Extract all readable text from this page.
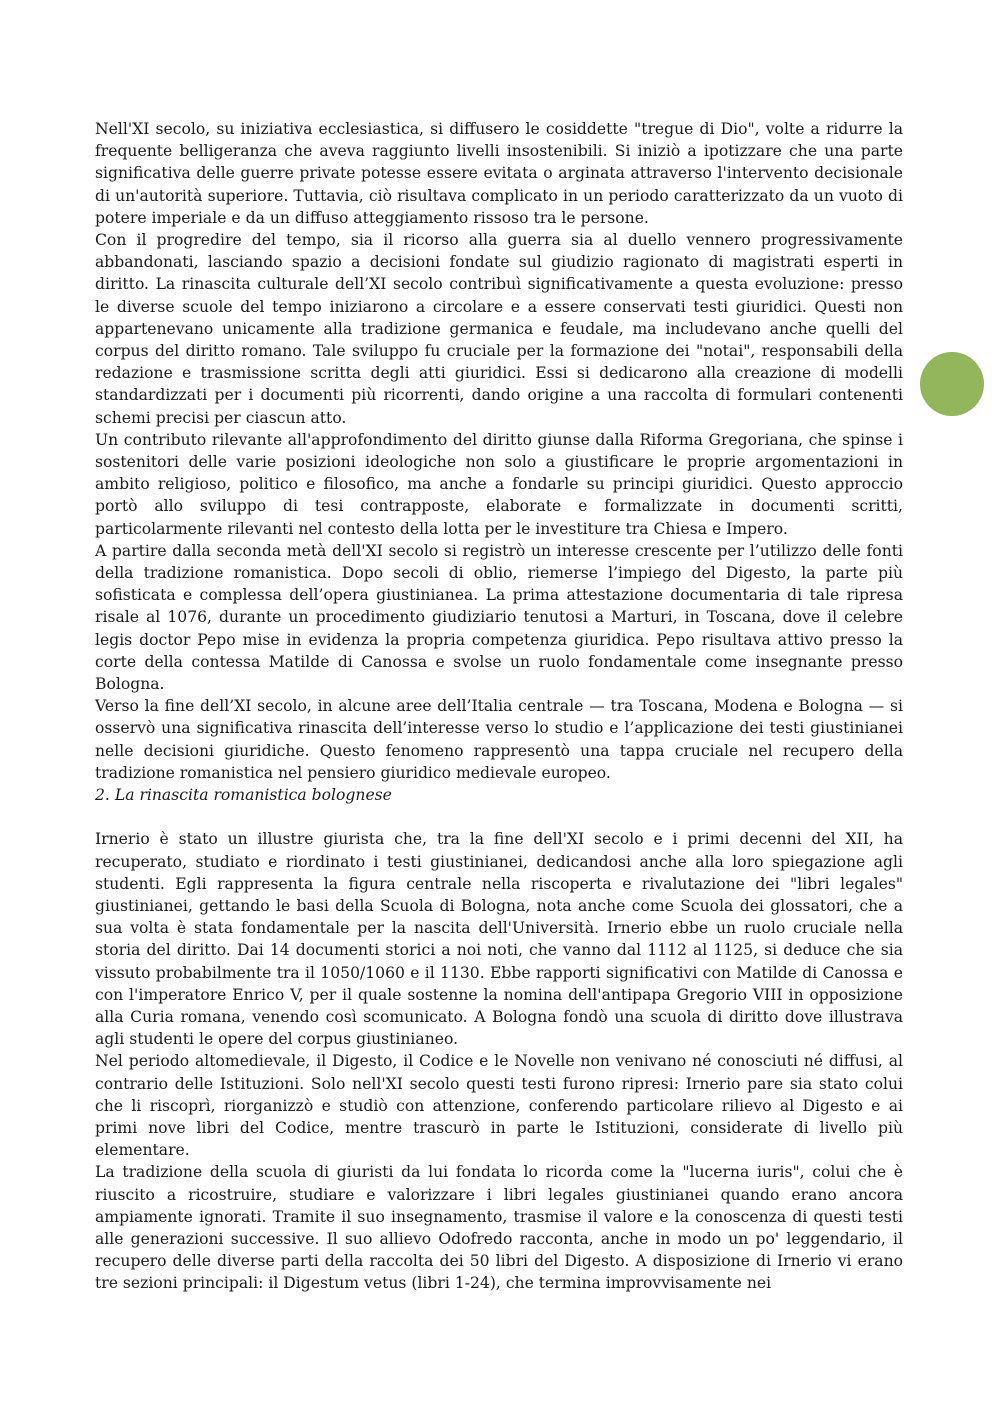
Nell'XI secolo, su iniziativa ecclesiastica, si diffusero le cosiddette "tregue di Dio", volte a ridurre la frequente belligeranza che aveva raggiunto livelli insostenibili. Si iniziò a ipotizzare che una parte significativa delle guerre private potesse essere evitata o arginata attraverso l'intervento decisionale di un'autorità superiore. Tuttavia, ciò risultava complicato in un periodo caratterizzato da un vuoto di potere imperiale e da un diffuso atteggiamento rissoso tra le persone.

Con il progredire del tempo, sia il ricorso alla guerra sia al duello vennero progressivamente abbandonati, lasciando spazio a decisioni fondate sul giudizio ragionato di magistrati esperti in diritto. La rinascita culturale dell’XI secolo contribuì significativamente a questa evoluzione: presso le diverse scuole del tempo iniziarono a circolare e a essere conservati testi giuridici. Questi non appartenevano unicamente alla tradizione germanica e feudale, ma includevano anche quelli del corpus del diritto romano. Tale sviluppo fu cruciale per la formazione dei "notai", responsabili della redazione e trasmissione scritta degli atti giuridici. Essi si dedicarono alla creazione di modelli standardizzati per i documenti più ricorrenti, dando origine a una raccolta di formulari contenenti schemi precisi per ciascun atto.

Un contributo rilevante all'approfondimento del diritto giunse dalla Riforma Gregoriana, che spinse i sostenitori delle varie posizioni ideologiche non solo a giustificare le proprie argomentazioni in ambito religioso, politico e filosofico, ma anche a fondarle su principi giuridici. Questo approccio portò allo sviluppo di tesi contrapposte, elaborate e formalizzate in documenti scritti, particolarmente rilevanti nel contesto della lotta per le investiture tra Chiesa e Impero.

A partire dalla seconda metà dell'XI secolo si registrò un interesse crescente per l’utilizzo delle fonti della tradizione romanistica. Dopo secoli di oblio, riemerse l’impiego del Digesto, la parte più sofisticata e complessa dell’opera giustinianea. La prima attestazione documentaria di tale ripresa risale al 1076, durante un procedimento giudiziario tenutosi a Marturi, in Toscana, dove il celebre legis doctor Pepo mise in evidenza la propria competenza giuridica. Pepo risultava attivo presso la corte della contessa Matilde di Canossa e svolse un ruolo fondamentale come insegnante presso Bologna.

Verso la fine dell’XI secolo, in alcune aree dell’Italia centrale — tra Toscana, Modena e Bologna — si osservò una significativa rinascita dell’interesse verso lo studio e l’applicazione dei testi giustinianei nelle decisioni giuridiche. Questo fenomeno rappresentò una tappa cruciale nel recupero della tradizione romanistica nel pensiero giuridico medievale europeo.

2. La rinascita romanistica bolognese

Irnerio è stato un illustre giurista che, tra la fine dell'XI secolo e i primi decenni del XII, ha recuperato, studiato e riordinato i testi giustinianei, dedicandosi anche alla loro spiegazione agli studenti. Egli rappresenta la figura centrale nella riscoperta e rivalutazione dei "libri legales" giustinianei, gettando le basi della Scuola di Bologna, nota anche come Scuola dei glossatori, che a sua volta è stata fondamentale per la nascita dell'Università. Irnerio ebbe un ruolo cruciale nella storia del diritto. Dai 14 documenti storici a noi noti, che vanno dal 1112 al 1125, si deduce che sia vissuto probabilmente tra il 1050/1060 e il 1130. Ebbe rapporti significativi con Matilde di Canossa e con l'imperatore Enrico V, per il quale sostenne la nomina dell'antipapa Gregorio VIII in opposizione alla Curia romana, venendo così scomunicato. A Bologna fondò una scuola di diritto dove illustrava agli studenti le opere del corpus giustinianeo.

Nel periodo altomedievale, il Digesto, il Codice e le Novelle non venivano né conosciuti né diffusi, al contrario delle Istituzioni. Solo nell'XI secolo questi testi furono ripresi: Irnerio pare sia stato colui che li riscoprì, riorganizzò e studiò con attenzione, conferendo particolare rilievo al Digesto e ai primi nove libri del Codice, mentre trascurò in parte le Istituzioni, considerate di livello più elementare.

La tradizione della scuola di giuristi da lui fondata lo ricorda come la "lucerna iuris", colui che è riuscito a ricostruire, studiare e valorizzare i libri legales giustinianei quando erano ancora ampiamente ignorati. Tramite il suo insegnamento, trasmise il valore e la conoscenza di questi testi alle generazioni successive. Il suo allievo Odofredo racconta, anche in modo un po' leggendario, il recupero delle diverse parti della raccolta dei 50 libri del Digesto. A disposizione di Irnerio vi erano tre sezioni principali: il Digestum vetus (libri 1-24), che termina improvvisamente nei
